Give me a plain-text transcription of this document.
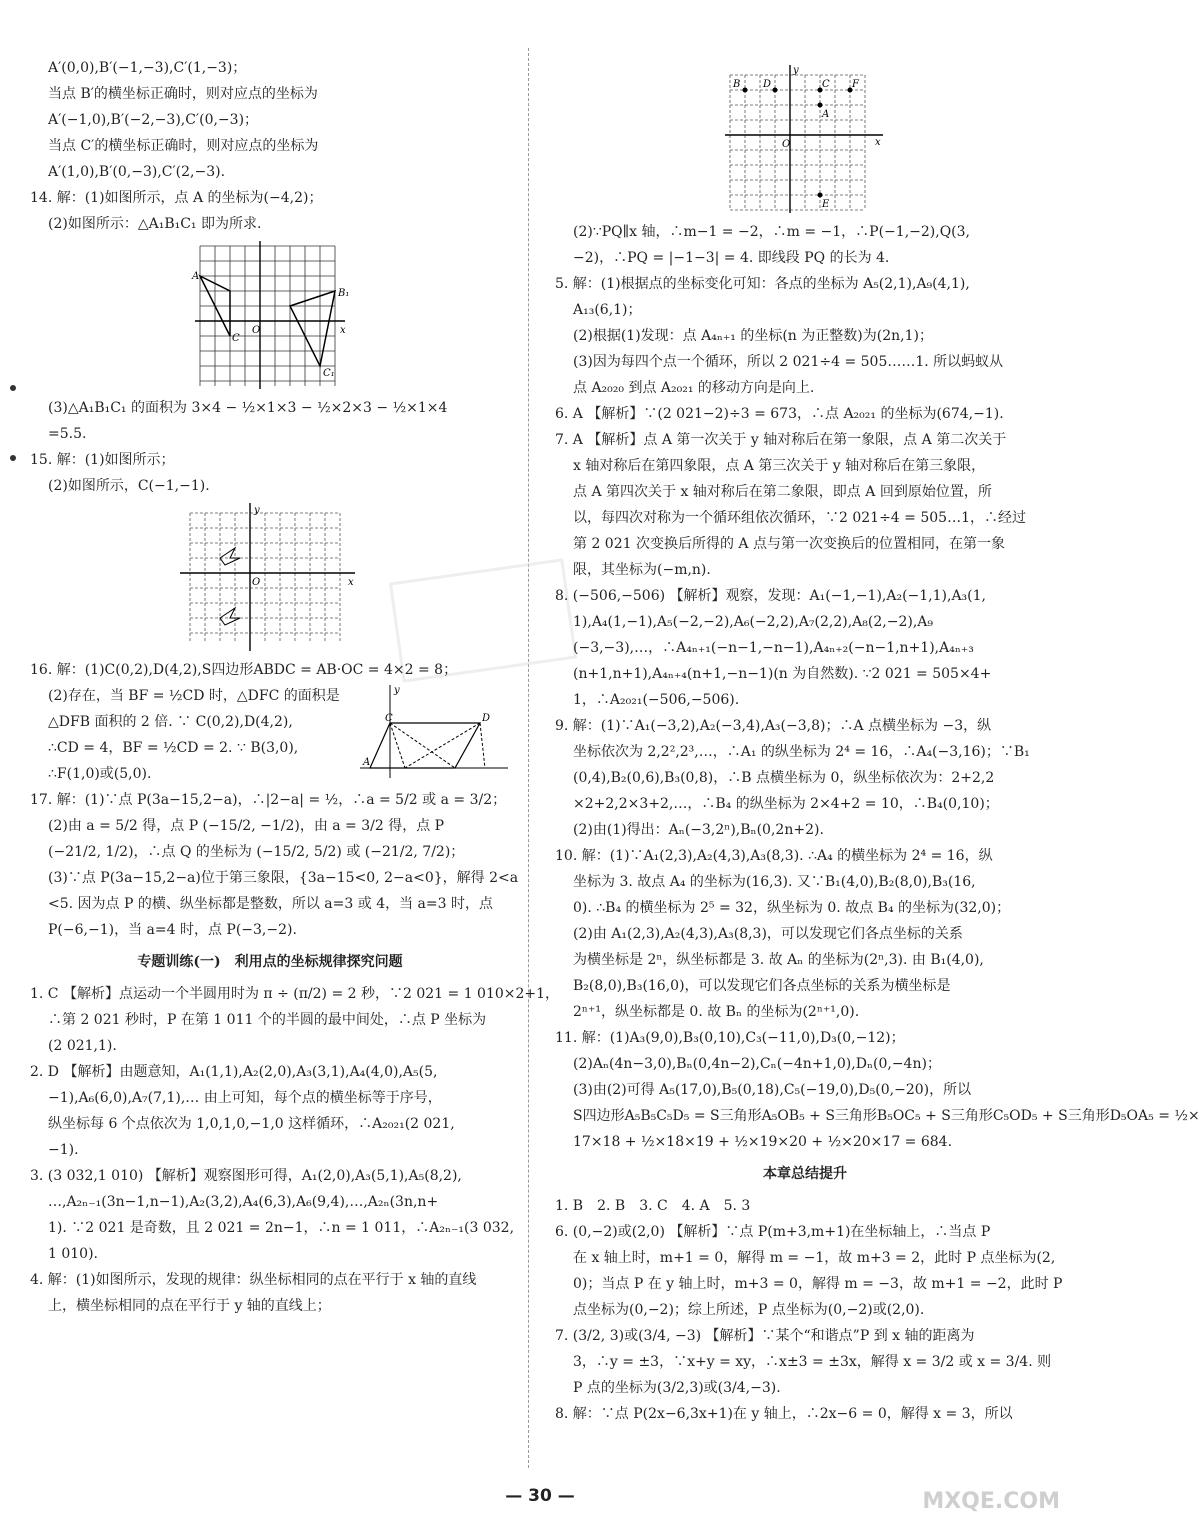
A′(0,0),B′(−1,−3),C′(1,−3)；
当点 B′的横坐标正确时，则对应点的坐标为
A′(−1,0),B′(−2,−3),C′(0,−3)；
当点 C′的横坐标正确时，则对应点的坐标为
A′(1,0),B′(0,−3),C′(2,−3).
14. 解：(1)如图所示，点 A 的坐标为(−4,2)；
(2)如图所示：△A₁B₁C₁ 即为所求.
A
C
O
B₁
C₁
x
(3)△A₁B₁C₁ 的面积为 3×4 − ½×1×3 − ½×2×3 − ½×1×4
=5.5.
15. 解：(1)如图所示；
(2)如图所示，C(−1,−1).
O	x
y
16. 解：(1)C(0,2),D(4,2),S四边形ABDC = AB·OC = 4×2 = 8；
(2)存在，当 BF = ½CD 时，△DFC 的面积是
△DFB 面积的 2 倍. ∵ C(0,2),D(4,2),
∴CD = 4，BF = ½CD = 2. ∵ B(3,0),
∴F(1,0)或(5,0).
C	D
A
y
17. 解：(1)∵点 P(3a−15,2−a)，∴|2−a| = ½，∴a = 5/2 或 a = 3/2；
(2)由 a = 5/2 得，点 P (−15/2, −1/2)，由 a = 3/2 得，点 P
(−21/2, 1/2)，∴点 Q 的坐标为 (−15/2, 5/2) 或 (−21/2, 7/2)；
(3)∵点 P(3a−15,2−a)位于第三象限，{3a−15<0, 2−a<0}，解得 2<a
<5. 因为点 P 的横、纵坐标都是整数，所以 a=3 或 4，当 a=3 时，点
P(−6,−1)，当 a=4 时，点 P(−3,−2).
专题训练(一)　利用点的坐标规律探究问题
1. C 【解析】点运动一个半圆用时为 π ÷ (π/2) = 2 秒，∵2 021 = 1 010×2+1，
∴第 2 021 秒时，P 在第 1 011 个的半圆的最中间处，∴点 P 坐标为
(2 021,1).
2. D 【解析】由题意知，A₁(1,1),A₂(2,0),A₃(3,1),A₄(4,0),A₅(5,
−1),A₆(6,0),A₇(7,1),… 由上可知，每个点的横坐标等于序号，
纵坐标每 6 个点依次为 1,0,1,0,−1,0 这样循环，∴A₂₀₂₁(2 021,
−1).
3. (3 032,1 010) 【解析】观察图形可得，A₁(2,0),A₃(5,1),A₅(8,2),
…,A₂ₙ₋₁(3n−1,n−1),A₂(3,2),A₄(6,3),A₆(9,4),…,A₂ₙ(3n,n+
1). ∵2 021 是奇数，且 2 021 = 2n−1，∴n = 1 011，∴A₂ₙ₋₁(3 032,
1 010).
4. 解：(1)如图所示，发现的规律：纵坐标相同的点在平行于 x 轴的直线
上，横坐标相同的点在平行于 y 轴的直线上；
B D	C F
A
E
O	x
y
(2)∵PQ∥x 轴，∴m−1 = −2，∴m = −1，∴P(−1,−2),Q(3,
−2)，∴PQ = |−1−3| = 4. 即线段 PQ 的长为 4.
5. 解：(1)根据点的坐标变化可知：各点的坐标为 A₅(2,1),A₉(4,1),
A₁₃(6,1)；
(2)根据(1)发现：点 A₄ₙ₊₁ 的坐标(n 为正整数)为(2n,1)；
(3)因为每四个点一个循环，所以 2 021÷4 = 505……1. 所以蚂蚁从
点 A₂₀₂₀ 到点 A₂₀₂₁ 的移动方向是向上.
6. A 【解析】∵(2 021−2)÷3 = 673，∴点 A₂₀₂₁ 的坐标为(674,−1).
7. A 【解析】点 A 第一次关于 y 轴对称后在第一象限，点 A 第二次关于
x 轴对称后在第四象限，点 A 第三次关于 y 轴对称后在第三象限，
点 A 第四次关于 x 轴对称后在第二象限，即点 A 回到原始位置，所
以，每四次对称为一个循环组依次循环，∵2 021÷4 = 505…1，∴经过
第 2 021 次变换后所得的 A 点与第一次变换后的位置相同，在第一象
限，其坐标为(−m,n).
8. (−506,−506) 【解析】观察，发现：A₁(−1,−1),A₂(−1,1),A₃(1,
1),A₄(1,−1),A₅(−2,−2),A₆(−2,2),A₇(2,2),A₈(2,−2),A₉
(−3,−3),…，∴A₄ₙ₊₁(−n−1,−n−1),A₄ₙ₊₂(−n−1,n+1),A₄ₙ₊₃
(n+1,n+1),A₄ₙ₊₄(n+1,−n−1)(n 为自然数). ∵2 021 = 505×4+
1，∴A₂₀₂₁(−506,−506).
9. 解：(1)∵A₁(−3,2),A₂(−3,4),A₃(−3,8)；∴A 点横坐标为 −3，纵
坐标依次为 2,2²,2³,…，∴A₁ 的纵坐标为 2⁴ = 16，∴A₄(−3,16)；∵B₁
(0,4),B₂(0,6),B₃(0,8)，∴B 点横坐标为 0，纵坐标依次为：2+2,2
×2+2,2×3+2,…，∴B₄ 的纵坐标为 2×4+2 = 10，∴B₄(0,10)；
(2)由(1)得出：Aₙ(−3,2ⁿ),Bₙ(0,2n+2).
10. 解：(1)∵A₁(2,3),A₂(4,3),A₃(8,3). ∴A₄ 的横坐标为 2⁴ = 16，纵
坐标为 3. 故点 A₄ 的坐标为(16,3). 又∵B₁(4,0),B₂(8,0),B₃(16,
0). ∴B₄ 的横坐标为 2⁵ = 32，纵坐标为 0. 故点 B₄ 的坐标为(32,0)；
(2)由 A₁(2,3),A₂(4,3),A₃(8,3)，可以发现它们各点坐标的关系
为横坐标是 2ⁿ，纵坐标都是 3. 故 Aₙ 的坐标为(2ⁿ,3). 由 B₁(4,0),
B₂(8,0),B₃(16,0)，可以发现它们各点坐标的关系为横坐标是
2ⁿ⁺¹，纵坐标都是 0. 故 Bₙ 的坐标为(2ⁿ⁺¹,0).
11. 解：(1)A₃(9,0),B₃(0,10),C₃(−11,0),D₃(0,−12)；
(2)Aₙ(4n−3,0),Bₙ(0,4n−2),Cₙ(−4n+1,0),Dₙ(0,−4n)；
(3)由(2)可得 A₅(17,0),B₅(0,18),C₅(−19,0),D₅(0,−20)，所以
S四边形A₅B₅C₅D₅ = S三角形A₅OB₅ + S三角形B₅OC₅ + S三角形C₅OD₅ + S三角形D₅OA₅ = ½×
17×18 + ½×18×19 + ½×19×20 + ½×20×17 = 684.
本章总结提升
1. B　2. B　3. C　4. A　5. 3
6. (0,−2)或(2,0) 【解析】∵点 P(m+3,m+1)在坐标轴上，∴当点 P
在 x 轴上时，m+1 = 0，解得 m = −1，故 m+3 = 2，此时 P 点坐标为(2,
0)；当点 P 在 y 轴上时，m+3 = 0，解得 m = −3，故 m+1 = −2，此时 P
点坐标为(0,−2)；综上所述，P 点坐标为(0,−2)或(2,0).
7. (3/2, 3)或(3/4, −3) 【解析】∵某个“和谐点”P 到 x 轴的距离为
3，∴y = ±3，∵x+y = xy，∴x±3 = ±3x，解得 x = 3/2 或 x = 3/4. 则
P 点的坐标为(3/2,3)或(3/4,−3).
8. 解：∵点 P(2x−6,3x+1)在 y 轴上，∴2x−6 = 0，解得 x = 3，所以
— 30 —	MXQE.COM
